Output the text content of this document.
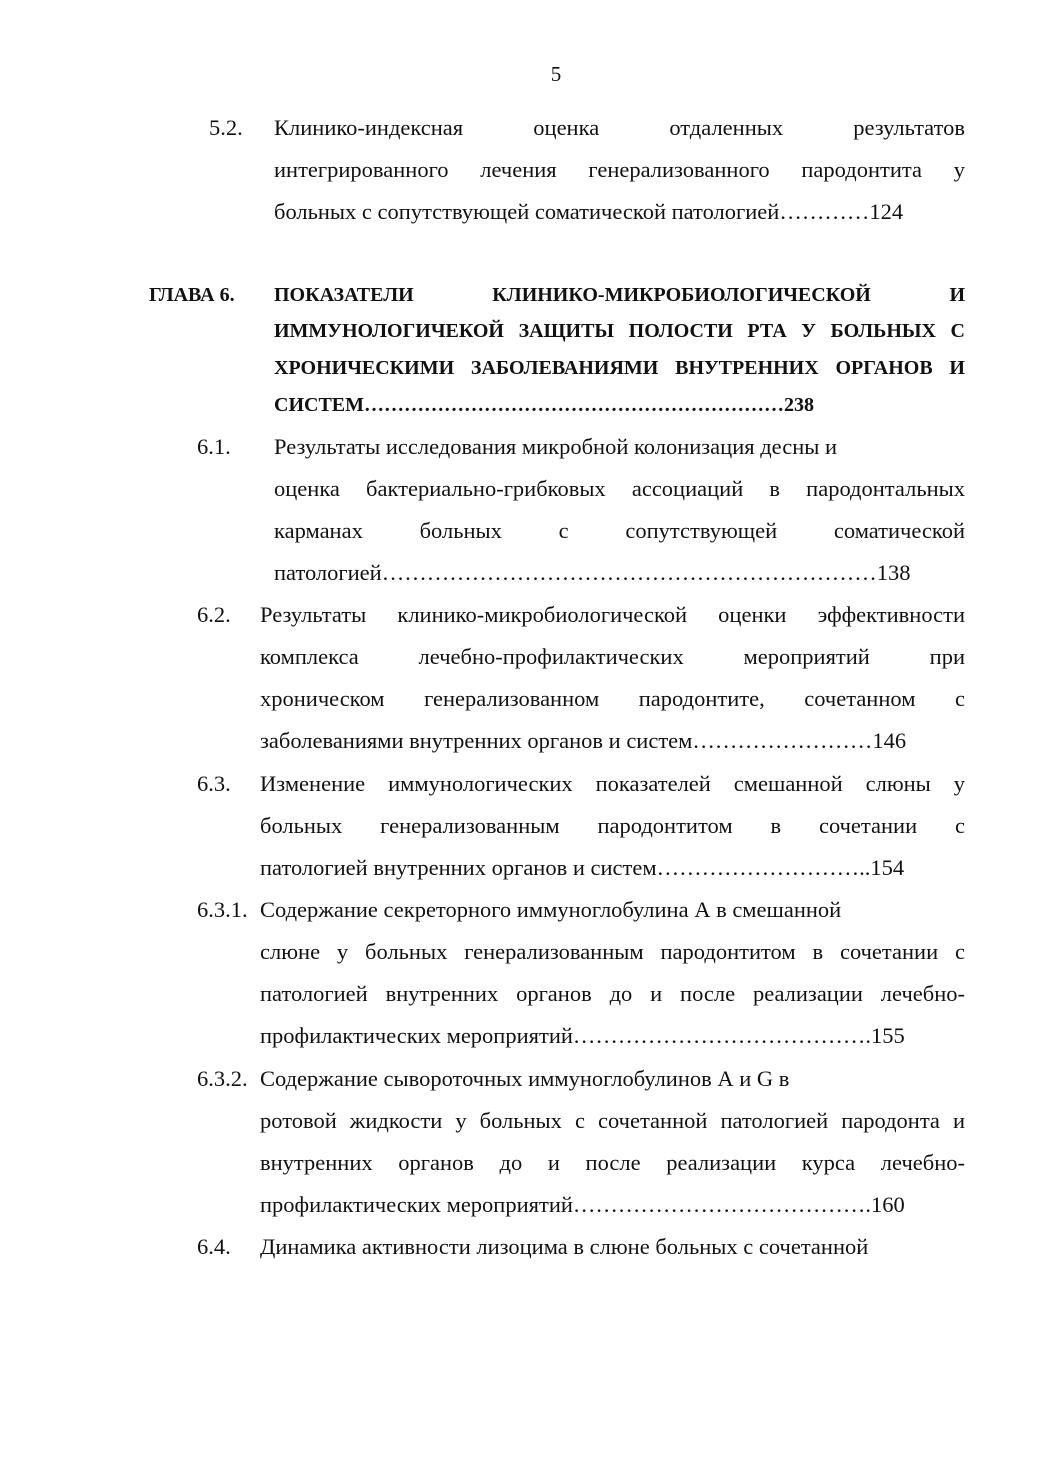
5
5.2. Клинико-индексная оценка отдаленных результатов
интегрированного лечения генерализованного пародонтита у
больных с сопутствующей соматической патологией…………124
ГЛАВА 6. ПОКАЗАТЕЛИ КЛИНИКО-МИКРОБИОЛОГИЧЕСКОЙ И
ИММУНОЛОГИЧЕКОЙ ЗАЩИТЫ ПОЛОСТИ РТА У БОЛЬНЫХ С
ХРОНИЧЕСКИМИ ЗАБОЛЕВАНИЯМИ ВНУТРЕННИХ ОРГАНОВ И
СИСТЕМ………………………………………………………238
6.1. Результаты исследования микробной колонизация десны и
оценка бактериально-грибковых ассоциаций в пародонтальных
карманах больных с сопутствующей соматической
патологией…………………………………………………………138
6.2. Результаты клинико-микробиологической оценки эффективности
комплекса лечебно-профилактических мероприятий при
хроническом генерализованном пародонтите, сочетанном с
заболеваниями внутренних органов и систем……………………146
6.3. Изменение иммунологических показателей смешанной слюны у
больных генерализованным пародонтитом в сочетании с
патологией внутренних органов и систем………………………..154
6.3.1. Содержание секреторного иммуноглобулина А в смешанной
слюне у больных генерализованным пародонтитом в сочетании с
патологией внутренних органов до и после реализации лечебно-
профилактических мероприятий………………………………….155
6.3.2. Содержание сывороточных иммуноглобулинов А и G в
ротовой жидкости у больных с сочетанной патологией пародонта и
внутренних органов до и после реализации курса лечебно-
профилактических мероприятий………………………………….160
6.4. Динамика активности лизоцима в слюне больных с сочетанной
